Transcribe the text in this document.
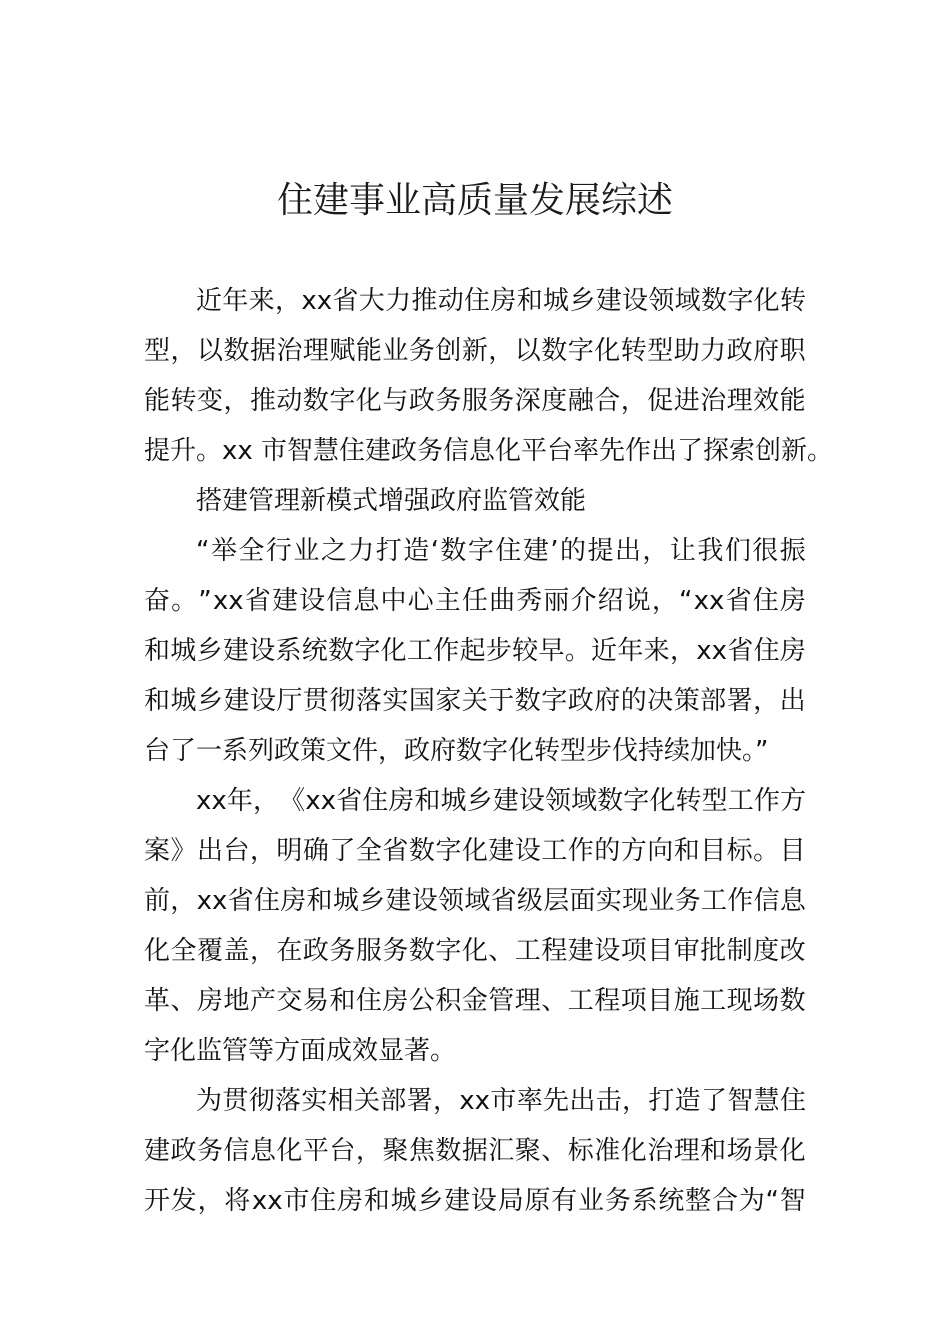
住建事业高质量发展综述
近 年 来 ， xx 省 大 力 推 动 住 房 和 城 乡 建 设 领 域 数 字 化 转
型 ， 以 数 据 治 理 赋 能 业 务 创 新 ， 以 数 字 化 转 型 助 力 政 府 职
能 转 变 ， 推 动 数 字 化 与 政 务 服 务 深 度 融 合 ， 促 进 治 理 效 能
提升。xx 市智慧住建政务信息化平台率先作出了探索创新。
搭建管理新模式增强政府监管效能
“ 举 全 行 业 之 力 打 造 ‘ 数 字 住 建 ’ 的 提 出 ， 让 我 们 很 振
奋 。 ” xx 省 建 设 信 息 中 心 主 任 曲 秀 丽 介 绍 说 ， “ xx 省 住 房
和 城 乡 建 设 系 统 数 字 化 工 作 起 步 较 早 。 近 年 来 ， xx 省 住 房
和 城 乡 建 设 厅 贯 彻 落 实 国 家 关 于 数 字 政 府 的 决 策 部 署 ， 出
台了一系列政策文件，政府数字化转型步伐持续加快。”
xx 年 ， 《 xx 省 住 房 和 城 乡 建 设 领 域 数 字 化 转 型 工 作 方
案 》 出 台 ， 明 确 了 全 省 数 字 化 建 设 工 作 的 方 向 和 目 标 。 目
前 ， xx 省 住 房 和 城 乡 建 设 领 域 省 级 层 面 实 现 业 务 工 作 信 息
化 全 覆 盖 ， 在 政 务 服 务 数 字 化 、 工 程 建 设 项 目 审 批 制 度 改
革 、 房 地 产 交 易 和 住 房 公 积 金 管 理 、 工 程 项 目 施 工 现 场 数
字化监管等方面成效显著。
为 贯 彻 落 实 相 关 部 署 ， xx 市 率 先 出 击 ， 打 造 了 智 慧 住
建 政 务 信 息 化 平 台 ， 聚 焦 数 据 汇 聚 、 标 准 化 治 理 和 场 景 化
开 发 ， 将 xx 市 住 房 和 城 乡 建 设 局 原 有 业 务 系 统 整 合 为 “ 智
